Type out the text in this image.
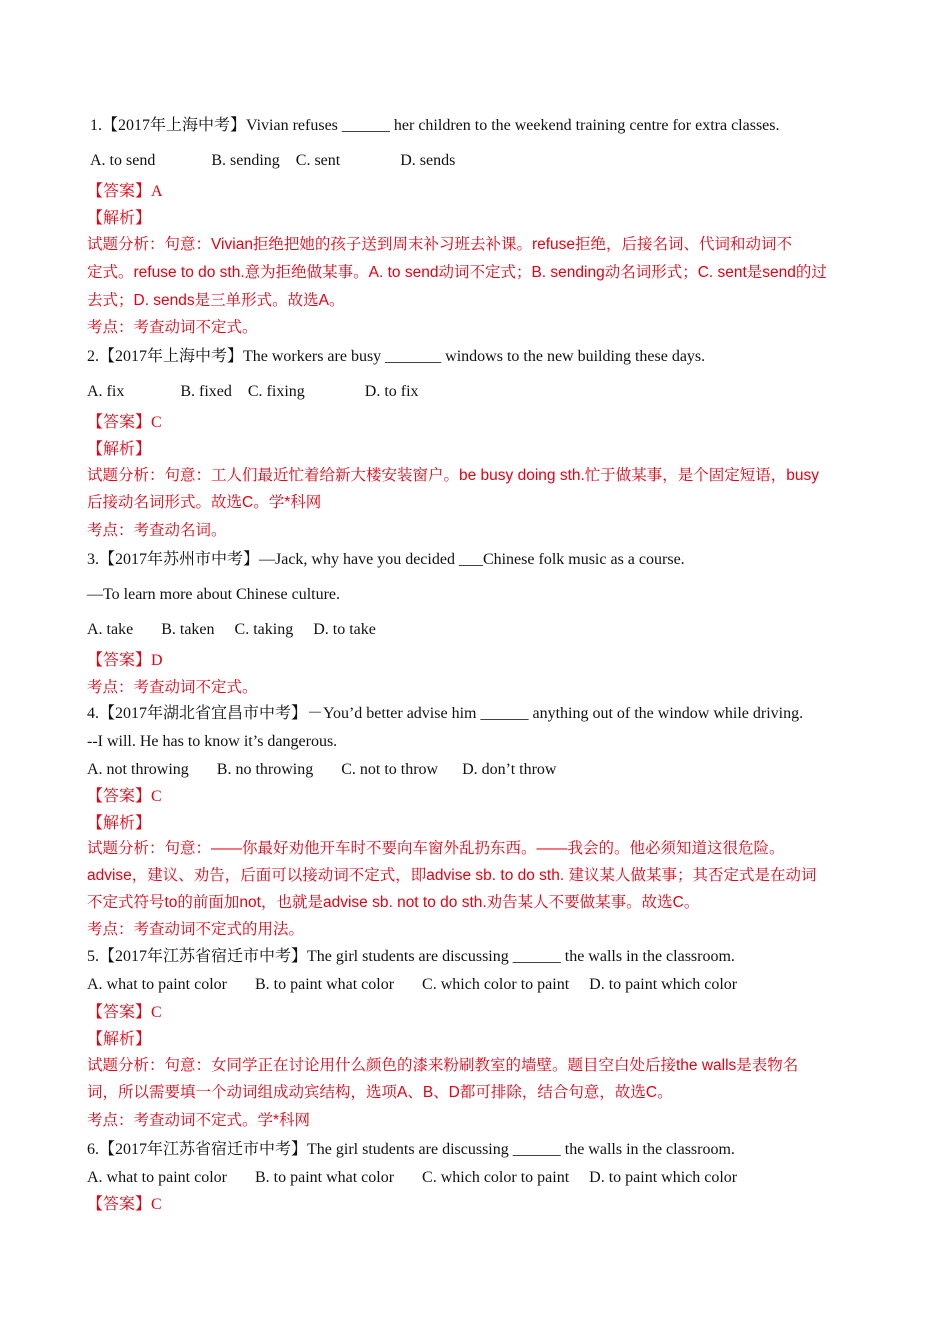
1.【2017年上海中考】Vivian refuses ______ her children to the weekend training centre for extra classes.
A. to send              B. sending    C. sent               D. sends
【答案】A
【解析】
试题分析：句意：Vivian拒绝把她的孩子送到周末补习班去补课。refuse拒绝，后接名词、代词和动词不
定式。refuse to do sth.意为拒绝做某事。A. to send动词不定式；B. sending动名词形式；C. sent是send的过
去式；D. sends是三单形式。故选A。
考点：考查动词不定式。
2.【2017年上海中考】The workers are busy _______ windows to the new building these days.
A. fix              B. fixed    C. fixing               D. to fix
【答案】C
【解析】
试题分析：句意：工人们最近忙着给新大楼安装窗户。be busy doing sth.忙于做某事，是个固定短语，busy
后接动名词形式。故选C。学*科网
考点：考查动名词。
3.【2017年苏州市中考】—Jack, why have you decided ___Chinese folk music as a course.
—To learn more about Chinese culture.
A. take       B. taken     C. taking     D. to take
【答案】D
考点：考查动词不定式。
4.【2017年湖北省宜昌市中考】－You’d better advise him ______ anything out of the window while driving.
--I will. He has to know it’s dangerous.
A. not throwing       B. no throwing       C. not to throw      D. don’t throw
【答案】C
【解析】
试题分析：句意：——你最好劝他开车时不要向车窗外乱扔东西。——我会的。他必须知道这很危险。
advise，建议、劝告，后面可以接动词不定式，即advise sb. to do sth. 建议某人做某事；其否定式是在动词
不定式符号to的前面加not，也就是advise sb. not to do sth.劝告某人不要做某事。故选C。
考点：考查动词不定式的用法。
5.【2017年江苏省宿迁市中考】The girl students are discussing ______ the walls in the classroom.
A. what to paint color       B. to paint what color       C. which color to paint     D. to paint which color
【答案】C
【解析】
试题分析：句意：女同学正在讨论用什么颜色的漆来粉刷教室的墙壁。题目空白处后接the walls是表物名
词，所以需要填一个动词组成动宾结构，选项A、B、D都可排除，结合句意，故选C。
考点：考查动词不定式。学*科网
6.【2017年江苏省宿迁市中考】The girl students are discussing ______ the walls in the classroom.
A. what to paint color       B. to paint what color       C. which color to paint     D. to paint which color
【答案】C
